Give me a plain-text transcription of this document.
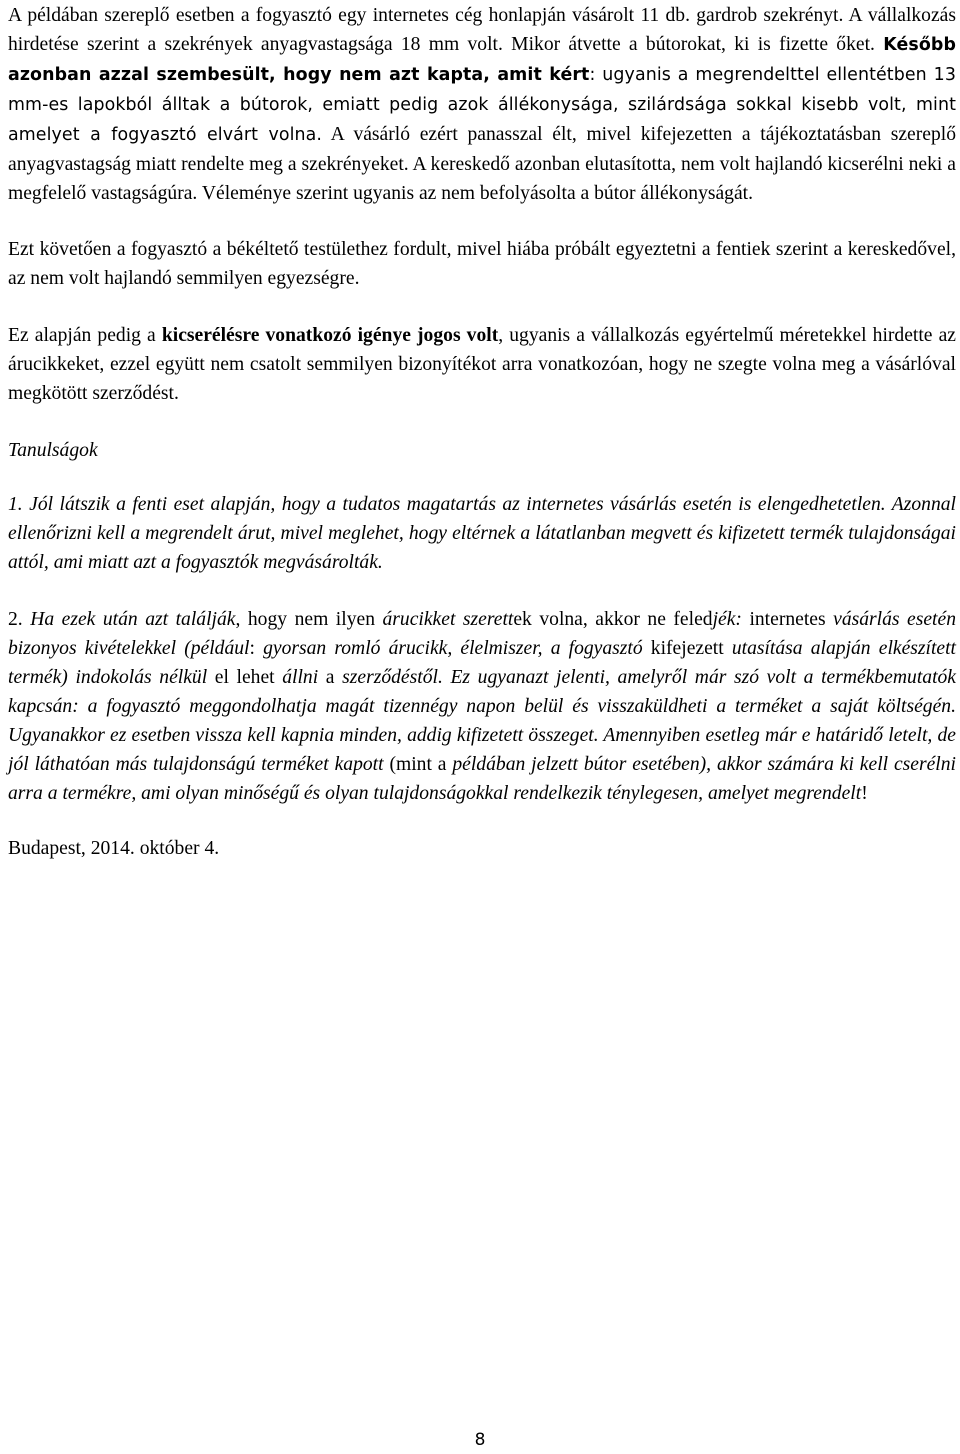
A példában szereplő esetben a fogyasztó egy internetes cég honlapján vásárolt 11 db. gardrob szekrényt. A vállalkozás hirdetése szerint a szekrények anyagvastagsága 18 mm volt. Mikor átvette a bútorokat, ki is fizette őket. Később azonban azzal szembesült, hogy nem azt kapta, amit kért: ugyanis a megrendelttel ellentétben 13 mm-es lapokból álltak a bútorok, emiatt pedig azok állékonysága, szilárdsága sokkal kisebb volt, mint amelyet a fogyasztó elvárt volna. A vásárló ezért panasszal élt, mivel kifejezetten a tájékoztatásban szereplő anyagvastagság miatt rendelte meg a szekrényeket. A kereskedő azonban elutasította, nem volt hajlandó kicserélni neki a megfelelő vastagságúra. Véleménye szerint ugyanis az nem befolyásolta a bútor állékonyságát.

Ezt követően a fogyasztó a békéltető testülethez fordult, mivel hiába próbált egyeztetni a fentiek szerint a kereskedővel, az nem volt hajlandó semmilyen egyezségre.

Ez alapján pedig a kicserélésre vonatkozó igénye jogos volt, ugyanis a vállalkozás egyértelmű méretekkel hirdette az árucikkeket, ezzel együtt nem csatolt semmilyen bizonyítékot arra vonatkozóan, hogy ne szegte volna meg a vásárlóval megkötött szerződést.

Tanulságok

1. Jól látszik a fenti eset alapján, hogy a tudatos magatartás az internetes vásárlás esetén is elengedhetetlen. Azonnal ellenőrizni kell a megrendelt árut, mivel meglehet, hogy eltérnek a látatlanban megvett és kifizetett termék tulajdonságai attól, ami miatt azt a fogyasztók megvásárolták.

2. Ha ezek után azt találják, hogy nem ilyen árucikket szerettek volna, akkor ne feledjék: internetes vásárlás esetén bizonyos kivételekkel (például: gyorsan romló árucikk, élelmiszer, a fogyasztó kifejezett utasítása alapján elkészített termék) indokolás nélkül el lehet állni a szerződéstől. Ez ugyanazt jelenti, amelyről már szó volt a termékbemutatók kapcsán: a fogyasztó meggondolhatja magát tizennégy napon belül és visszaküldheti a terméket a saját költségén. Ugyanakkor ez esetben vissza kell kapnia minden, addig kifizetett összeget. Amennyiben esetleg már e határidő letelt, de jól láthatóan más tulajdonságú terméket kapott (mint a példában jelzett bútor esetében), akkor számára ki kell cserélni arra a termékre, ami olyan minőségű és olyan tulajdonságokkal rendelkezik ténylegesen, amelyet megrendelt!

Budapest, 2014. október 4.

8
